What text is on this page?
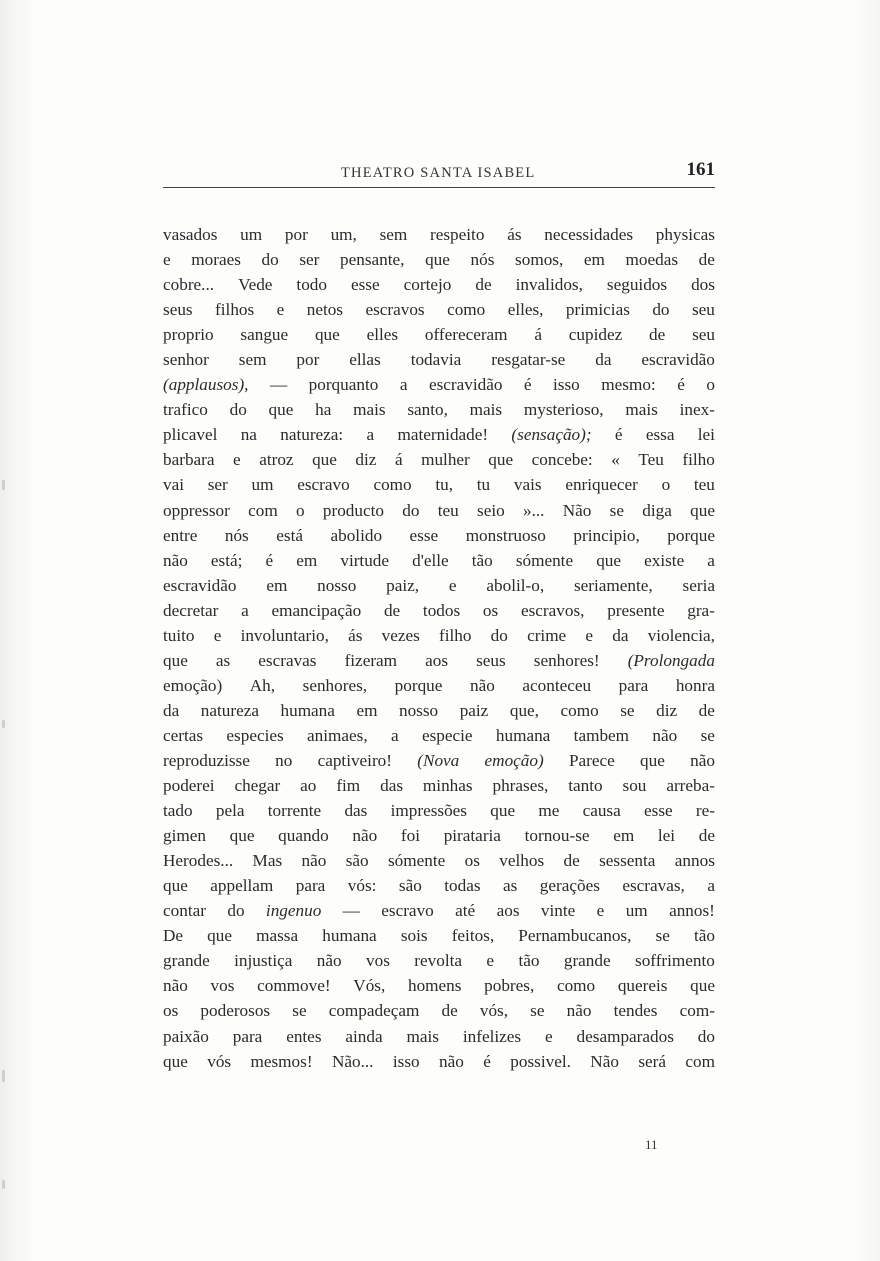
THEATRO SANTA ISABEL	161
vasados um por um, sem respeito ás necessidades physicas
e moraes do ser pensante, que nós somos, em moedas de
cobre... Vede todo esse cortejo de invalidos, seguidos dos
seus filhos e netos escravos como elles, primicias do seu
proprio sangue que elles offereceram á cupidez de seu
senhor sem por ellas todavia resgatar-se da escravidão
(applausos), — porquanto a escravidão é isso mesmo: é o
trafico do que ha mais santo, mais mysterioso, mais inex-
plicavel na natureza: a maternidade! (sensação); é essa lei
barbara e atroz que diz á mulher que concebe: « Teu filho
vai ser um escravo como tu, tu vais enriquecer o teu
oppressor com o producto do teu seio »... Não se diga que
entre nós está abolido esse monstruoso principio, porque
não está; é em virtude d'elle tão sómente que existe a
escravidão em nosso paiz, e abolil-o, seriamente, seria
decretar a emancipação de todos os escravos, presente gra-
tuito e involuntario, ás vezes filho do crime e da violencia,
que as escravas fizeram aos seus senhores! (Prolongada
emoção) Ah, senhores, porque não aconteceu para honra
da natureza humana em nosso paiz que, como se diz de
certas especies animaes, a especie humana tambem não se
reproduzisse no captiveiro! (Nova emoção) Parece que não
poderei chegar ao fim das minhas phrases, tanto sou arreba-
tado pela torrente das impressões que me causa esse re-
gimen que quando não foi pirataria tornou-se em lei de
Herodes... Mas não são sómente os velhos de sessenta annos
que appellam para vós: são todas as gerações escravas, a
contar do ingenuo — escravo até aos vinte e um annos!
De que massa humana sois feitos, Pernambucanos, se tão
grande injustiça não vos revolta e tão grande soffrimento
não vos commove! Vós, homens pobres, como quereis que
os poderosos se compadeçam de vós, se não tendes com-
paixão para entes ainda mais infelizes e desamparados do
que vós mesmos! Não... isso não é possivel. Não será com
11
